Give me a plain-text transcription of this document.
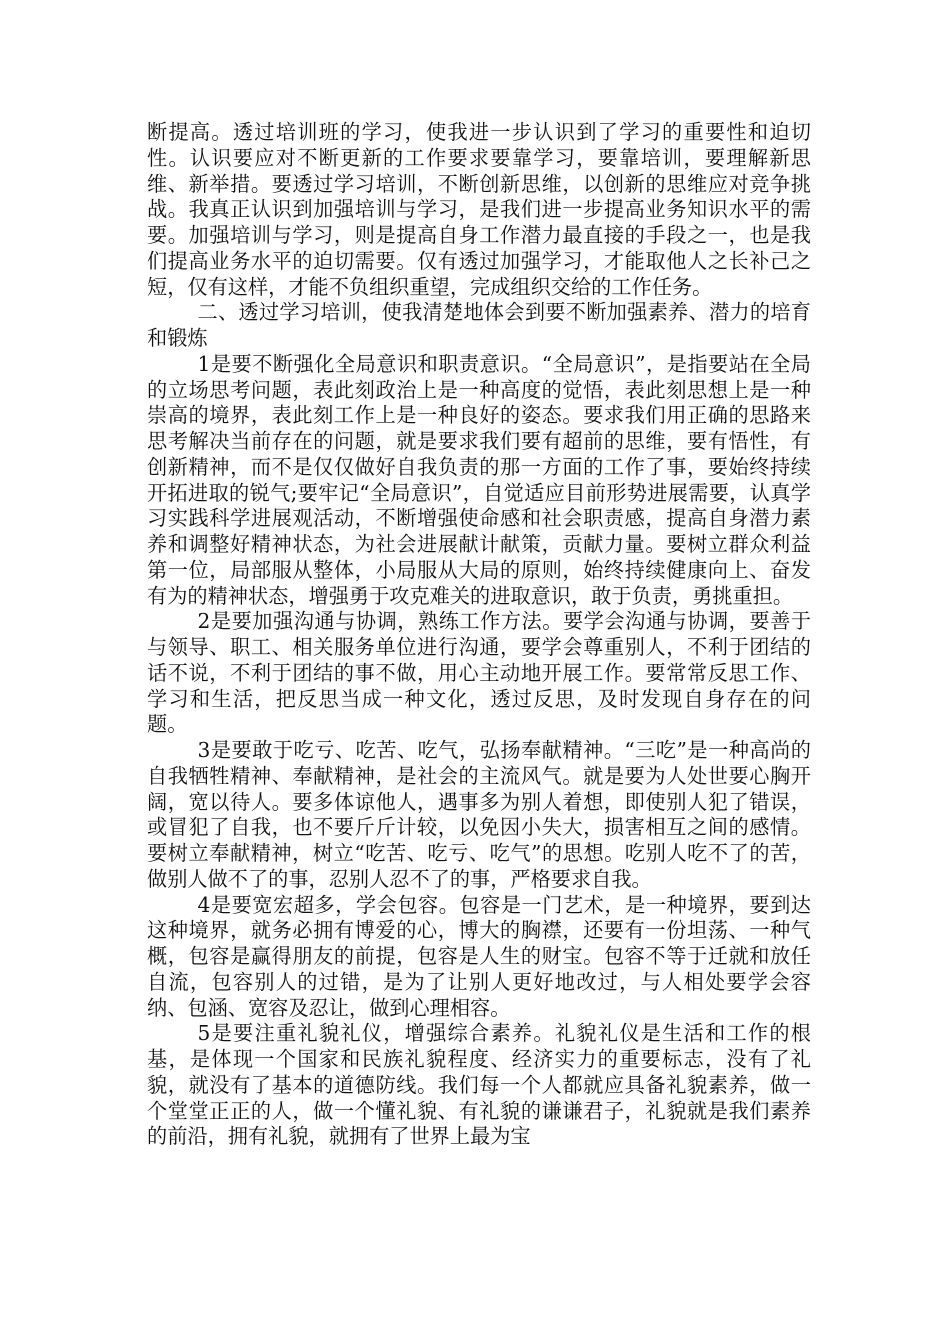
断提高。透过培训班的学习，使我进一步认识到了学习的重要性和迫切性。认识要应对不断更新的工作要求要靠学习，要靠培训，要理解新思维、新举措。要透过学习培训，不断创新思维，以创新的思维应对竞争挑战。我真正认识到加强培训与学习，是我们进一步提高业务知识水平的需要。加强培训与学习，则是提高自身工作潜力最直接的手段之一，也是我们提高业务水平的迫切需要。仅有透过加强学习，才能取他人之长补己之短，仅有这样，才能不负组织重望，完成组织交给的工作任务。

二、透过学习培训，使我清楚地体会到要不断加强素养、潜力的培育和锻炼

1是要不断强化全局意识和职责意识。“全局意识”，是指要站在全局的立场思考问题，表此刻政治上是一种高度的觉悟，表此刻思想上是一种崇高的境界，表此刻工作上是一种良好的姿态。要求我们用正确的思路来思考解决当前存在的问题，就是要求我们要有超前的思维，要有悟性，有创新精神，而不是仅仅做好自我负责的那一方面的工作了事，要始终持续开拓进取的锐气;要牢记“全局意识”，自觉适应目前形势进展需要，认真学习实践科学进展观活动，不断增强使命感和社会职责感，提高自身潜力素养和调整好精神状态，为社会进展献计献策，贡献力量。要树立群众利益第一位，局部服从整体，小局服从大局的原则，始终持续健康向上、奋发有为的精神状态，增强勇于攻克难关的进取意识，敢于负责，勇挑重担。

2是要加强沟通与协调，熟练工作方法。要学会沟通与协调，要善于与领导、职工、相关服务单位进行沟通，要学会尊重别人，不利于团结的话不说，不利于团结的事不做，用心主动地开展工作。要常常反思工作、学习和生活，把反思当成一种文化，透过反思，及时发现自身存在的问题。

3是要敢于吃亏、吃苦、吃气，弘扬奉献精神。“三吃”是一种高尚的自我牺牲精神、奉献精神，是社会的主流风气。就是要为人处世要心胸开阔，宽以待人。要多体谅他人，遇事多为别人着想，即使别人犯了错误，或冒犯了自我，也不要斤斤计较，以免因小失大，损害相互之间的感情。要树立奉献精神，树立“吃苦、吃亏、吃气”的思想。吃别人吃不了的苦，做别人做不了的事，忍别人忍不了的事，严格要求自我。

4是要宽宏超多，学会包容。包容是一门艺术，是一种境界，要到达这种境界，就务必拥有博爱的心，博大的胸襟，还要有一份坦荡、一种气概，包容是赢得朋友的前提，包容是人生的财宝。包容不等于迁就和放任自流，包容别人的过错，是为了让别人更好地改过，与人相处要学会容纳、包涵、宽容及忍让，做到心理相容。

5是要注重礼貌礼仪，增强综合素养。礼貌礼仪是生活和工作的根基，是体现一个国家和民族礼貌程度、经济实力的重要标志，没有了礼貌，就没有了基本的道德防线。我们每一个人都就应具备礼貌素养，做一个堂堂正正的人，做一个懂礼貌、有礼貌的谦谦君子，礼貌就是我们素养的前沿，拥有礼貌，就拥有了世界上最为宝
